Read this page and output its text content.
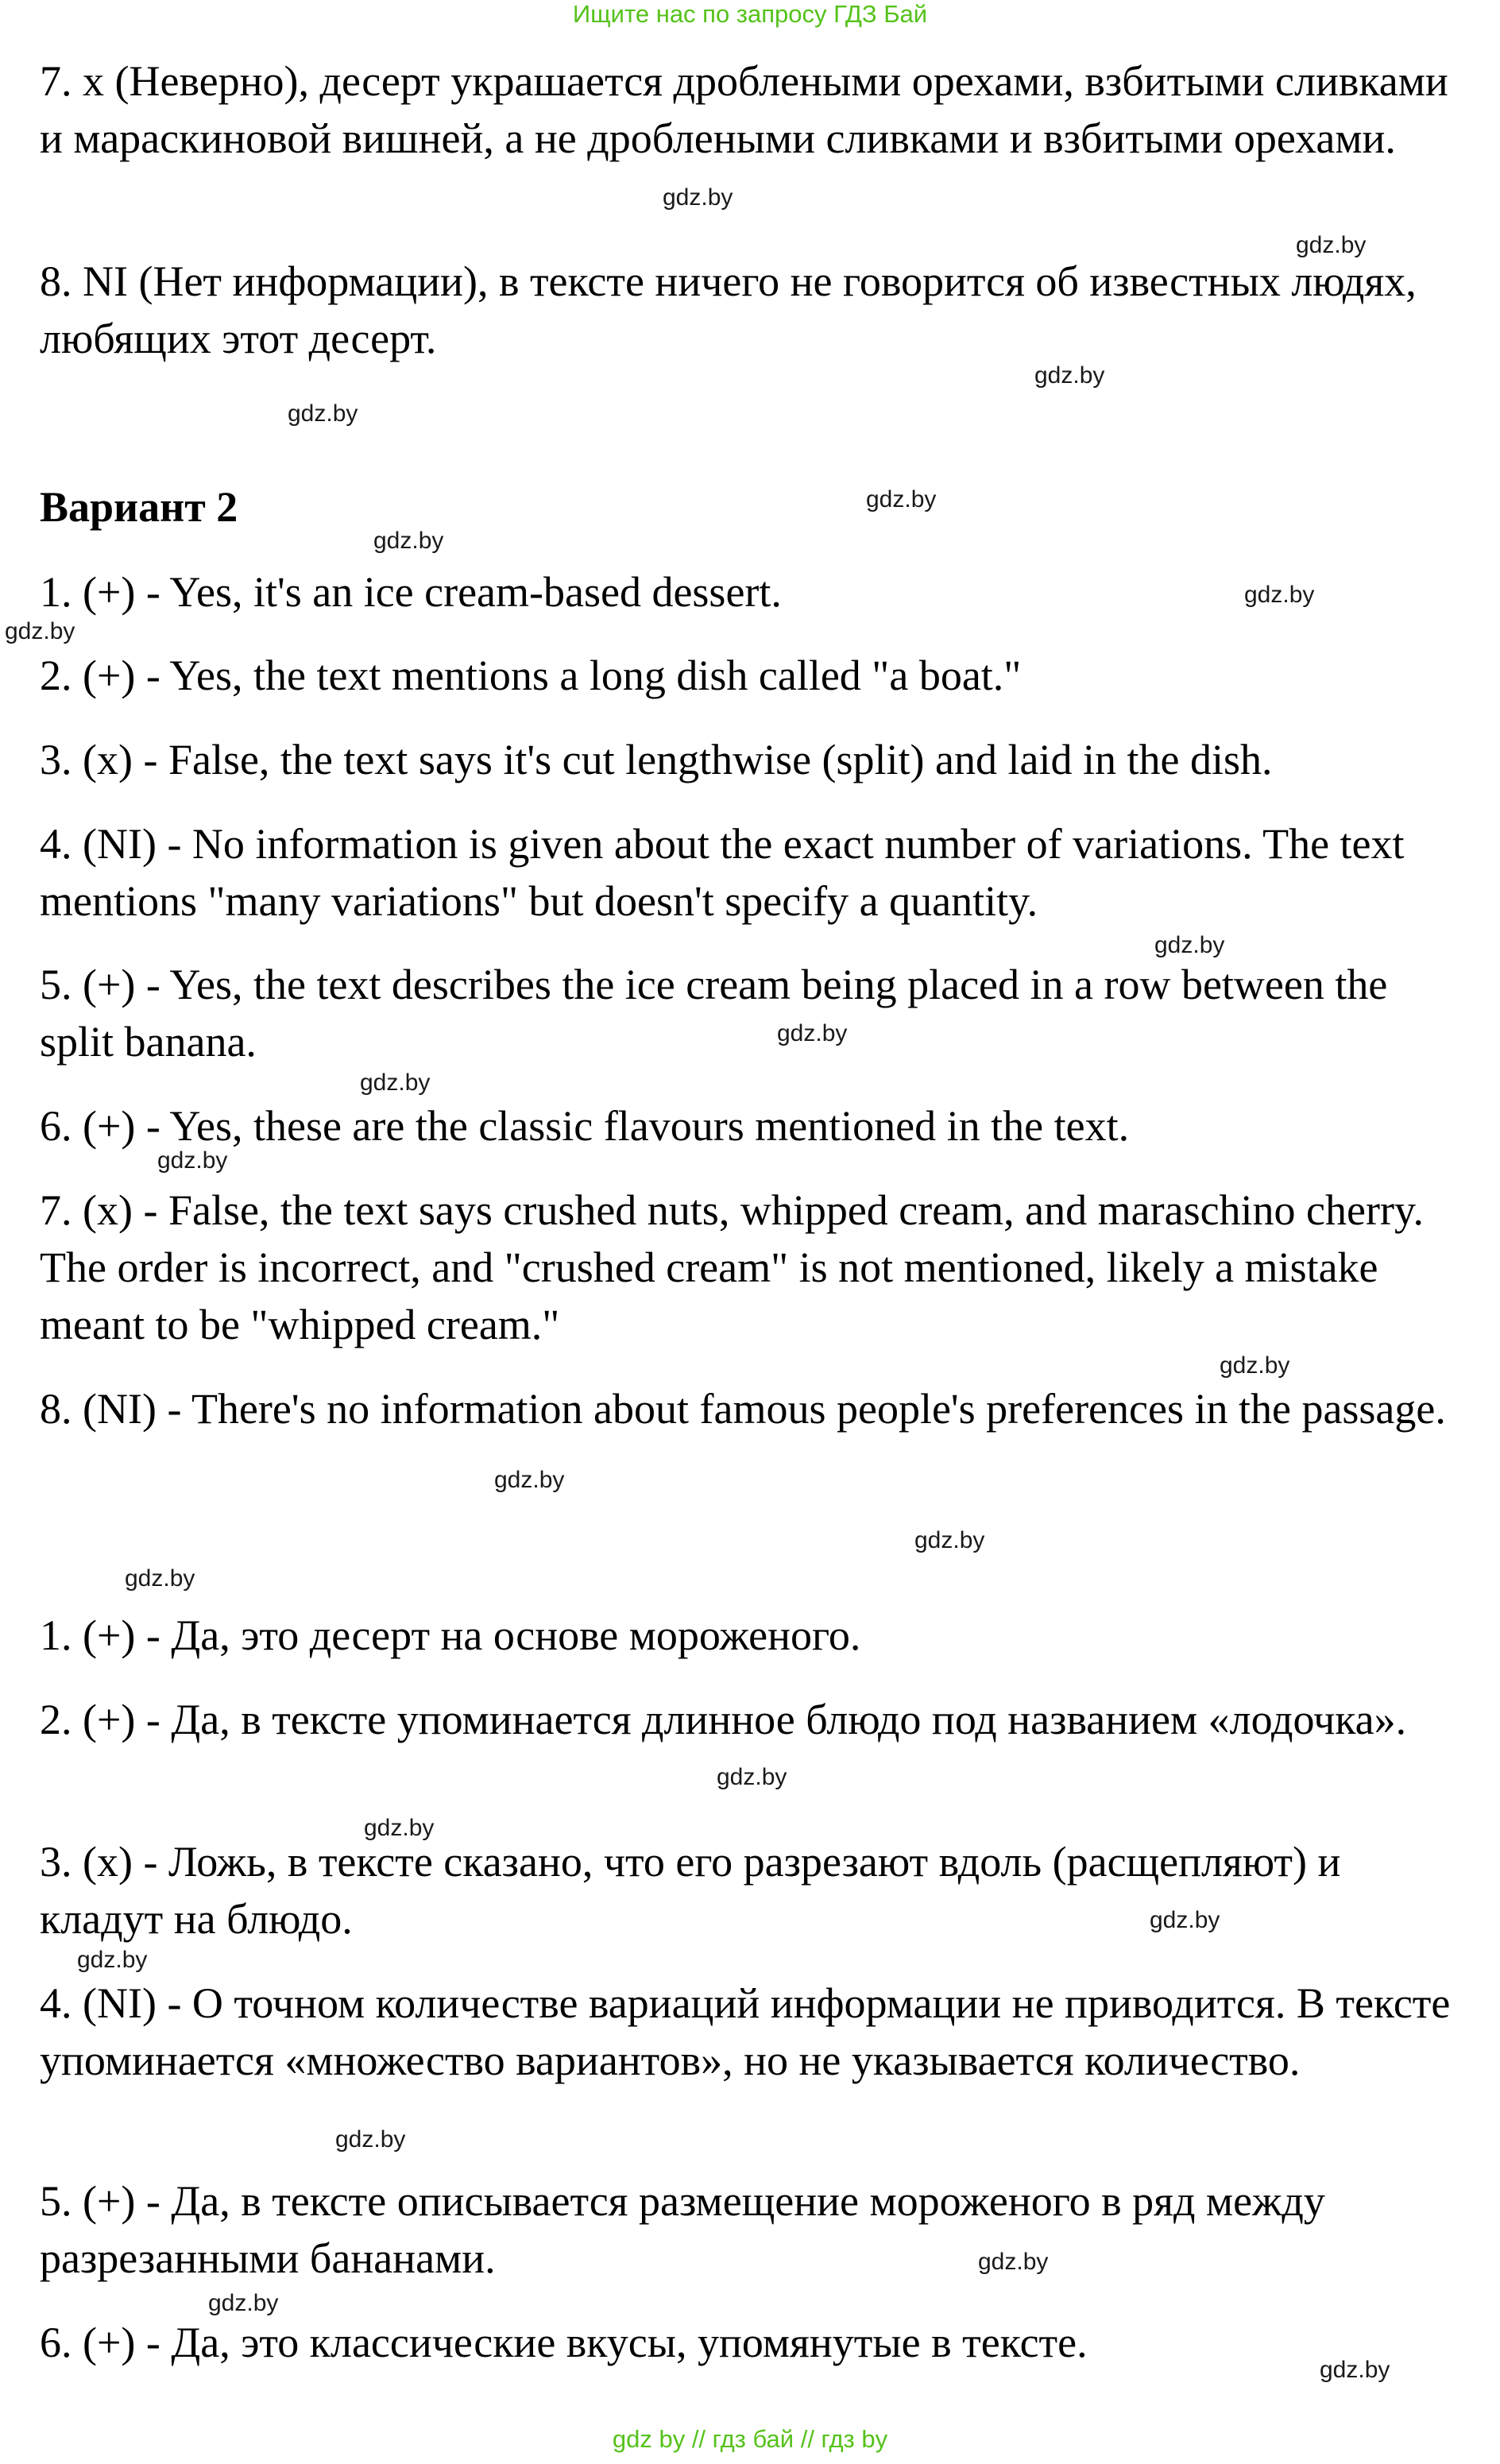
Ищите нас по запросу ГДЗ Бай

7. x (Неверно), десерт украшается дроблеными орехами, взбитыми сливками и мараскиновой вишней, а не дроблеными сливками и взбитыми орехами.

8. NI (Нет информации), в тексте ничего не говорится об известных людях, любящих этот десерт.

Вариант 2

1. (+) - Yes, it's an ice cream-based dessert.

2. (+) - Yes, the text mentions a long dish called "a boat."

3. (x) - False, the text says it's cut lengthwise (split) and laid in the dish.

4. (NI) - No information is given about the exact number of variations. The text mentions "many variations" but doesn't specify a quantity.

5. (+) - Yes, the text describes the ice cream being placed in a row between the split banana.

6. (+) - Yes, these are the classic flavours mentioned in the text.

7. (x) - False, the text says crushed nuts, whipped cream, and maraschino cherry. The order is incorrect, and "crushed cream" is not mentioned, likely a mistake meant to be "whipped cream."

8. (NI) - There's no information about famous people's preferences in the passage.

1. (+) - Да, это десерт на основе мороженого.

2. (+) - Да, в тексте упоминается длинное блюдо под названием «лодочка».

3. (x) - Ложь, в тексте сказано, что его разрезают вдоль (расщепляют) и кладут на блюдо.

4. (NI) - О точном количестве вариаций информации не приводится. В тексте упоминается «множество вариантов», но не указывается количество.

5. (+) - Да, в тексте описывается размещение мороженого в ряд между разрезанными бананами.

6. (+) - Да, это классические вкусы, упомянутые в тексте.

gdz.by
gdz.by
gdz.by
gdz.by
gdz.by
gdz.by
gdz.by
gdz.by
gdz.by
gdz.by
gdz.by
gdz.by
gdz.by
gdz.by
gdz.by
gdz.by
gdz.by
gdz.by
gdz.by
gdz.by
gdz.by
gdz.by
gdz.by
gdz.by
gdz by // гдз бай // гдз by
